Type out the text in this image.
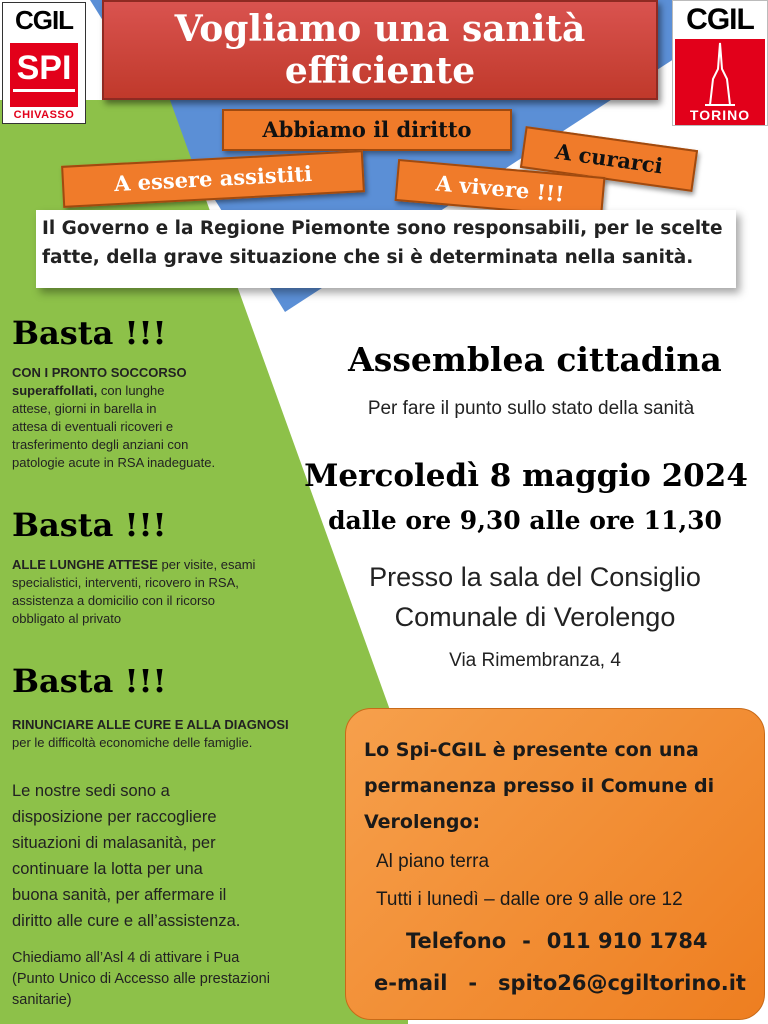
CGIL
SPI
CHIVASSO
CGIL
TORINO
Vogliamo una sanità
efficiente
Abbiamo il diritto
A essere assistiti
A curarci
A vivere !!!
Il Governo e la Regione Piemonte sono responsabili, per le scelte
fatte, della grave situazione che si è determinata nella sanità.
Basta !!!
CON I PRONTO SOCCORSO
superaffollati, con lunghe
attese, giorni in barella in
attesa di eventuali ricoveri e
trasferimento degli anziani con
patologie acute in RSA inadeguate.
Basta !!!
ALLE LUNGHE ATTESE per visite, esami
specialistici, interventi, ricovero in RSA,
assistenza a domicilio con il ricorso
obbligato al privato
Basta !!!
RINUNCIARE ALLE CURE E ALLA DIAGNOSI
per le difficoltà economiche delle famiglie.
Le nostre sedi sono a
disposizione per raccogliere
situazioni di malasanità, per
continuare la lotta per una
buona sanità, per affermare il
diritto alle cure e all’assistenza.
Chiediamo all’Asl 4 di attivare i Pua
(Punto Unico di Accesso alle prestazioni
sanitarie)
Assemblea cittadina
Per fare il punto sullo stato della sanità
Mercoledì 8 maggio 2024
dalle ore 9,30 alle ore 11,30
Presso la sala del Consiglio
Comunale di Verolengo
Via Rimembranza, 4
Lo Spi-CGIL è presente con una
permanenza presso il Comune di
Verolengo:
Al piano terra
Tutti i lunedì – dalle ore 9 alle ore 12
Telefono - 011 910 1784
e-mail - spito26@cgiltorino.it
